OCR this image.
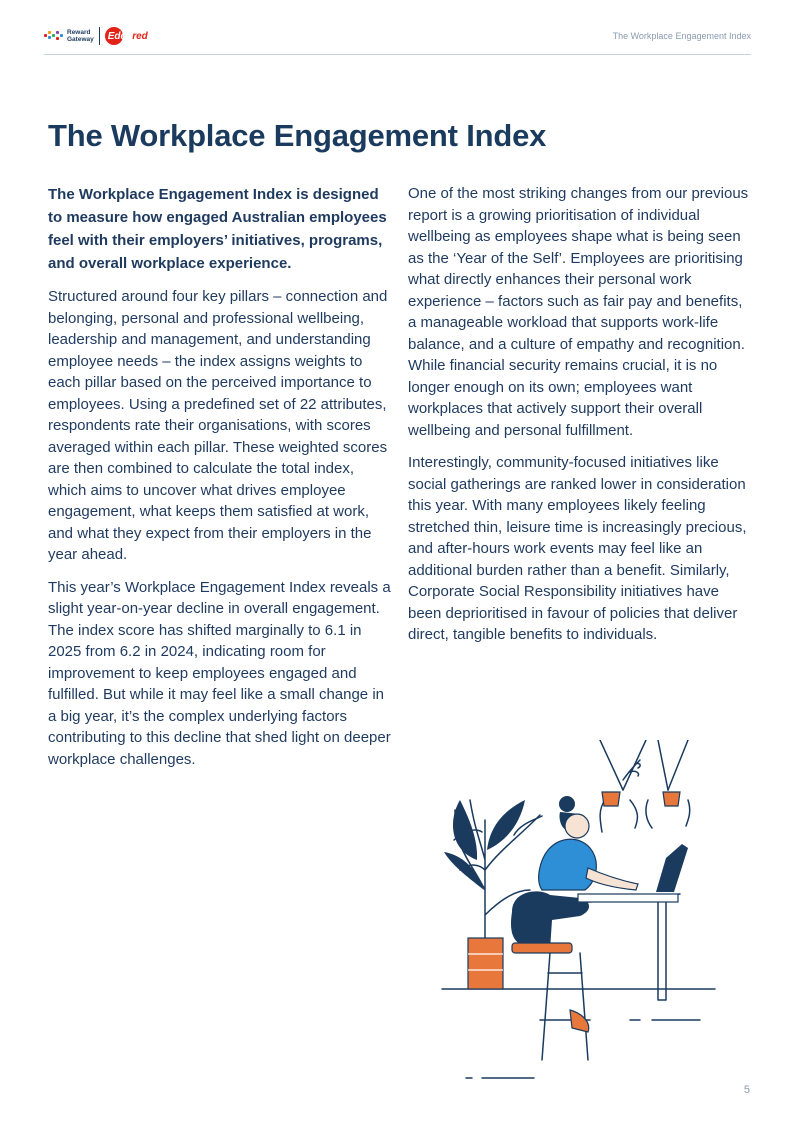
Reward
Gateway	Edenred	The Workplace Engagement Index
The Workplace Engagement Index

The Workplace Engagement Index is designed to measure how engaged Australian employees feel with their employers’ initiatives, programs, and overall workplace experience.

Structured around four key pillars – connection and belonging, personal and professional wellbeing, leadership and management, and understanding employee needs – the index assigns weights to each pillar based on the perceived importance to employees. Using a predefined set of 22 attributes, respondents rate their organisations, with scores averaged within each pillar. These weighted scores are then combined to calculate the total index, which aims to uncover what drives employee engagement, what keeps them satisfied at work, and what they expect from their employers in the year ahead.

This year’s Workplace Engagement Index reveals a slight year-on-year decline in overall engagement. The index score has shifted marginally to 6.1 in 2025 from 6.2 in 2024, indicating room for improvement to keep employees engaged and fulfilled. But while it may feel like a small change in a big year, it’s the complex underlying factors contributing to this decline that shed light on deeper workplace challenges.

One of the most striking changes from our previous report is a growing prioritisation of individual wellbeing as employees shape what is being seen as the ‘Year of the Self’. Employees are prioritising what directly enhances their personal work experience – factors such as fair pay and benefits, a manageable workload that supports work-life balance, and a culture of empathy and recognition. While financial security remains crucial, it is no longer enough on its own; employees want workplaces that actively support their overall wellbeing and personal fulfillment.

Interestingly, community-focused initiatives like social gatherings are ranked lower in consideration this year. With many employees likely feeling stretched thin, leisure time is increasingly precious, and after-hours work events may feel like an additional burden rather than a benefit. Similarly, Corporate Social Responsibility initiatives have been deprioritised in favour of policies that deliver direct, tangible benefits to individuals.

5
